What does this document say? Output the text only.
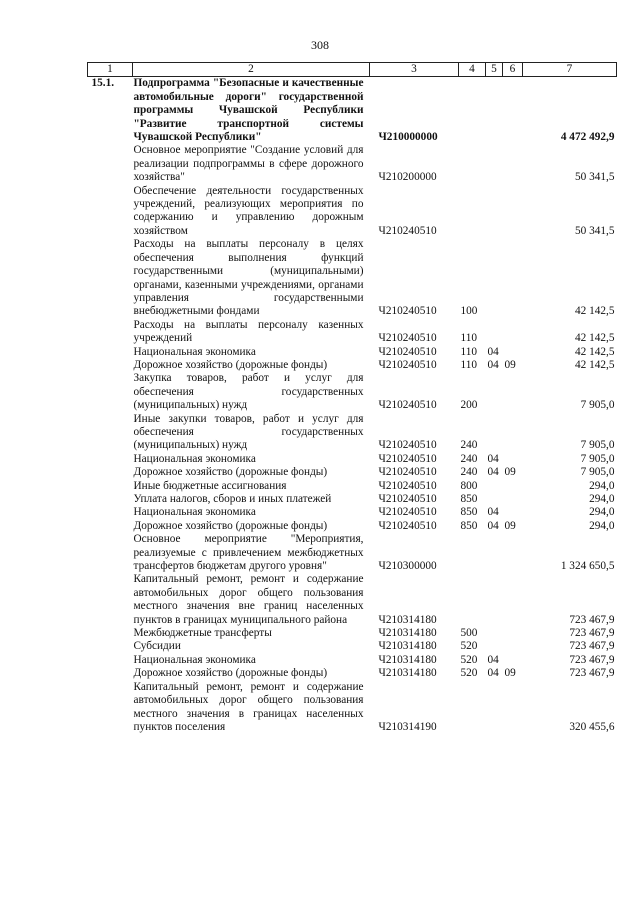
308
1	2	3	4	5	6	7
15.1.	Подпрограмма "Безопасные и качественные автомобильные дороги" государственной программы Чувашской Республики "Развитие транспортной системы Чувашской Республики"	Ч210000000				4 472 492,9
	Основное мероприятие "Создание условий для реализации подпрограммы в сфере дорожного хозяйства"	Ч210200000				50 341,5
	Обеспечение деятельности государственных учреждений, реализующих мероприятия по содержанию и управлению дорожным хозяйством	Ч210240510				50 341,5
	Расходы на выплаты персоналу в целях обеспечения выполнения функций государственными (муниципальными) органами, казенными учреждениями, органами управления государственными внебюджетными фондами	Ч210240510	100			42 142,5
	Расходы на выплаты персоналу казенных учреждений	Ч210240510	110			42 142,5
	Национальная экономика	Ч210240510	110	04		42 142,5
	Дорожное хозяйство (дорожные фонды)	Ч210240510	110	04	09	42 142,5
	Закупка товаров, работ и услуг для обеспечения государственных (муниципальных) нужд	Ч210240510	200			7 905,0
	Иные закупки товаров, работ и услуг для обеспечения государственных (муниципальных) нужд	Ч210240510	240			7 905,0
	Национальная экономика	Ч210240510	240	04		7 905,0
	Дорожное хозяйство (дорожные фонды)	Ч210240510	240	04	09	7 905,0
	Иные бюджетные ассигнования	Ч210240510	800			294,0
	Уплата налогов, сборов и иных платежей	Ч210240510	850			294,0
	Национальная экономика	Ч210240510	850	04		294,0
	Дорожное хозяйство (дорожные фонды)	Ч210240510	850	04	09	294,0
	Основное мероприятие "Мероприятия, реализуемые с привлечением межбюджетных трансфертов бюджетам другого уровня"	Ч210300000				1 324 650,5
	Капитальный ремонт, ремонт и содержание автомобильных дорог общего пользования местного значения вне границ населенных пунктов в границах муниципального района	Ч210314180				723 467,9
	Межбюджетные трансферты	Ч210314180	500			723 467,9
	Субсидии	Ч210314180	520			723 467,9
	Национальная экономика	Ч210314180	520	04		723 467,9
	Дорожное хозяйство (дорожные фонды)	Ч210314180	520	04	09	723 467,9
	Капитальный ремонт, ремонт и содержание автомобильных дорог общего пользования местного значения в границах населенных пунктов поселения	Ч210314190				320 455,6
